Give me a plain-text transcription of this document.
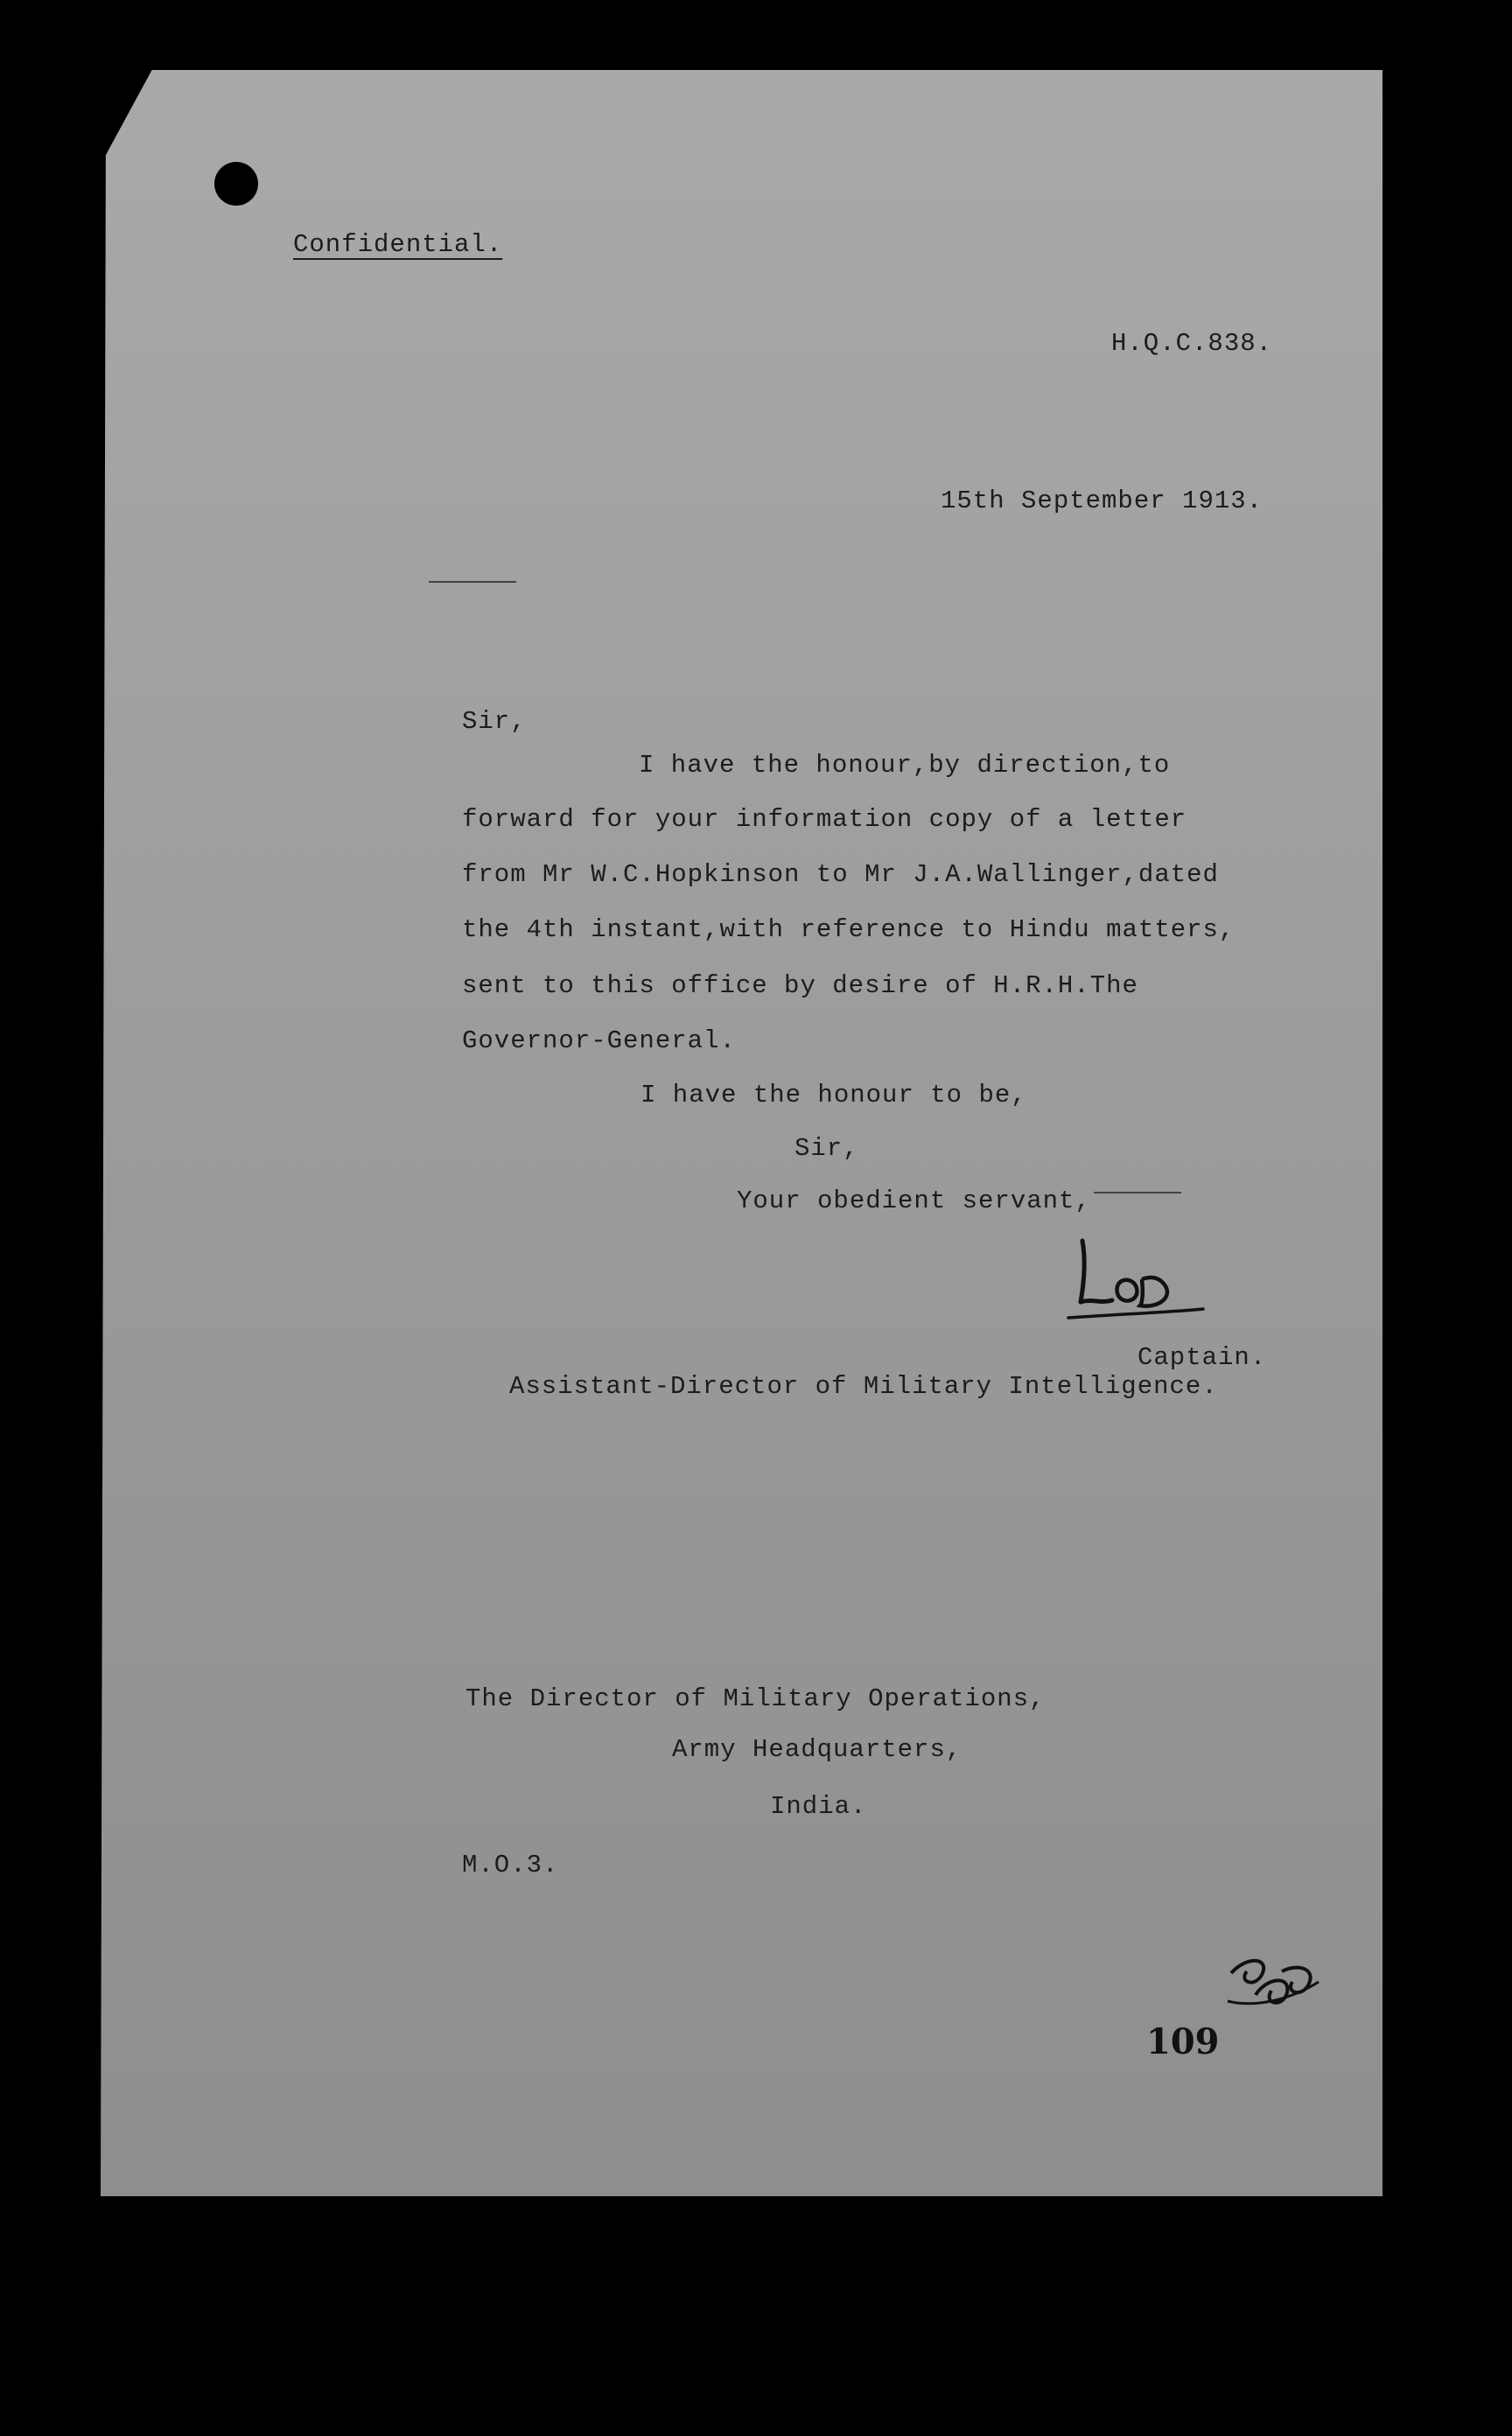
Confidential.
H.Q.C.838.
15th September 1913.
Sir,
I have the honour,by direction,to
forward for your information copy of a letter
from Mr W.C.Hopkinson to Mr J.A.Wallinger,dated
the 4th instant,with reference to Hindu matters,
sent to this office by desire of H.R.H.The
Governor-General.
I have the honour to be,
Sir,
Your obedient servant,
Captain.
Assistant-Director of Military Intelligence.
The Director of Military Operations,
Army Headquarters,
India.
M.O.3.
109
